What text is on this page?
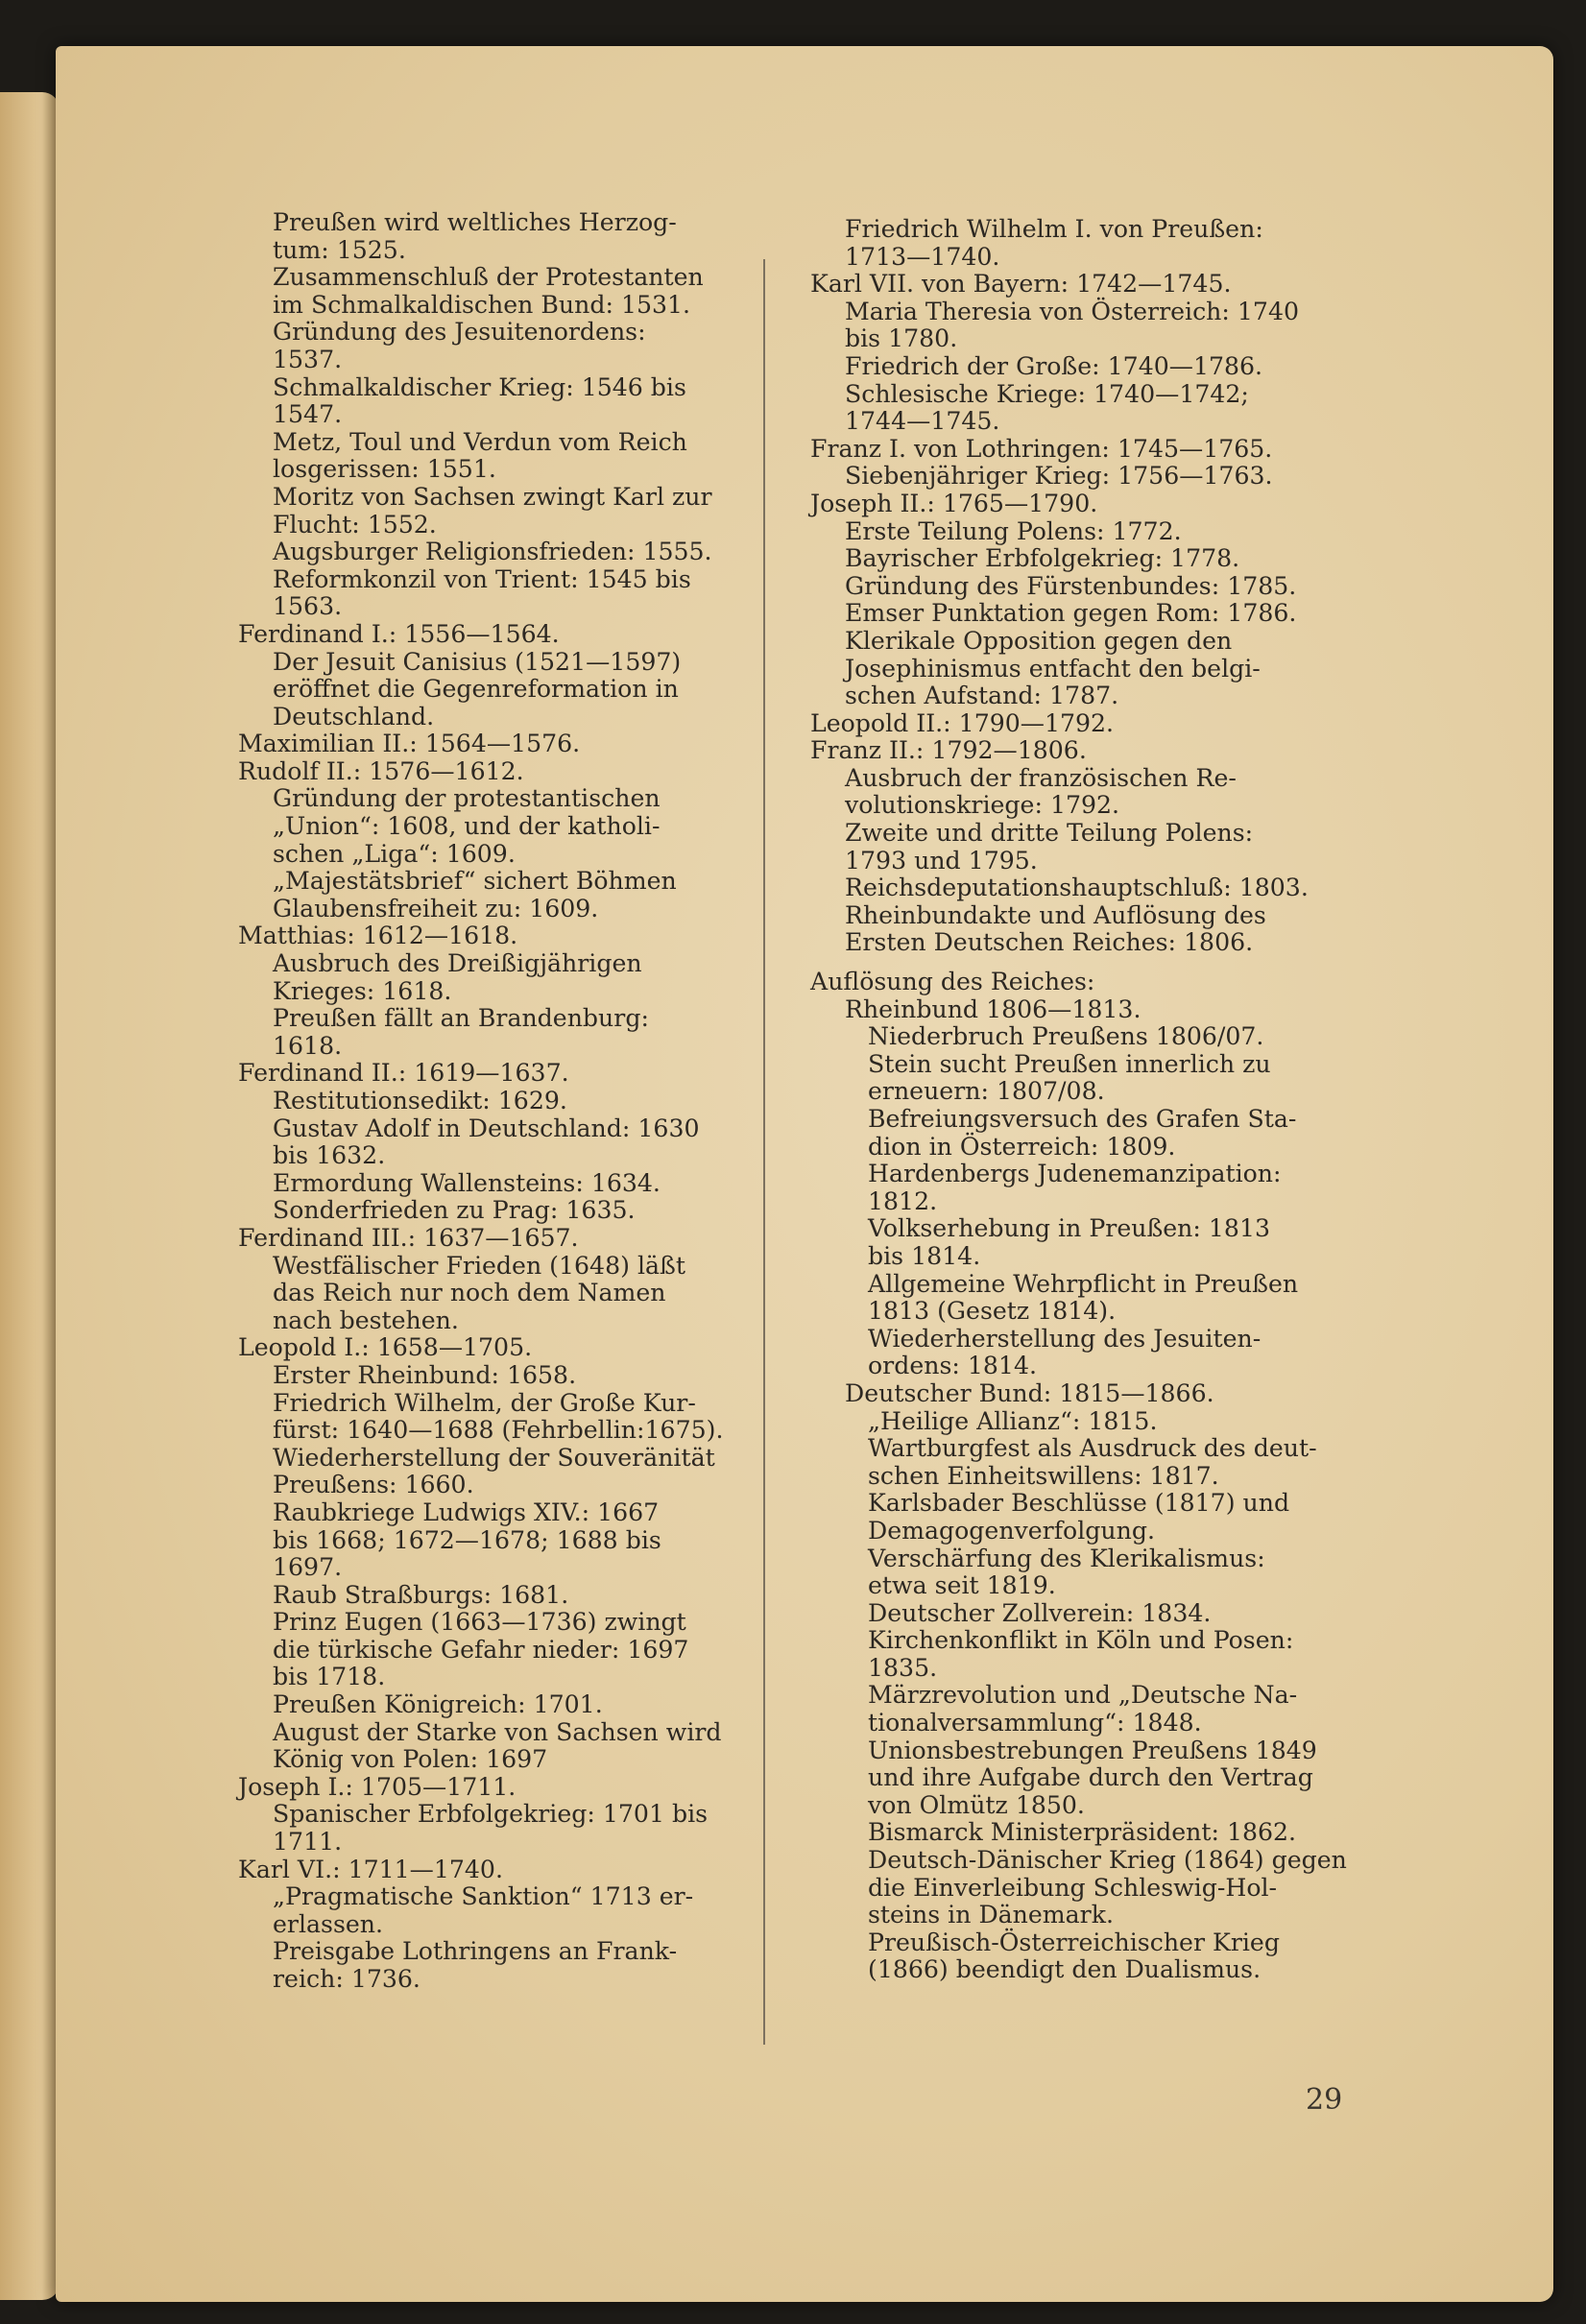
Preußen wird weltliches Herzog-
tum: 1525.
Zusammenschluß der Protestanten
im Schmalkaldischen Bund: 1531.
Gründung des Jesuitenordens:
1537.
Schmalkaldischer Krieg: 1546 bis
1547.
Metz, Toul und Verdun vom Reich
losgerissen: 1551.
Moritz von Sachsen zwingt Karl zur
Flucht: 1552.
Augsburger Religionsfrieden: 1555.
Reformkonzil von Trient: 1545 bis
1563.
Ferdinand I.: 1556—1564.
Der Jesuit Canisius (1521—1597)
eröffnet die Gegenreformation in
Deutschland.
Maximilian II.: 1564—1576.
Rudolf II.: 1576—1612.
Gründung der protestantischen
„Union“: 1608, und der katholi-
schen „Liga“: 1609.
„Majestätsbrief“ sichert Böhmen
Glaubensfreiheit zu: 1609.
Matthias: 1612—1618.
Ausbruch des Dreißigjährigen
Krieges: 1618.
Preußen fällt an Brandenburg:
1618.
Ferdinand II.: 1619—1637.
Restitutionsedikt: 1629.
Gustav Adolf in Deutschland: 1630
bis 1632.
Ermordung Wallensteins: 1634.
Sonderfrieden zu Prag: 1635.
Ferdinand III.: 1637—1657.
Westfälischer Frieden (1648) läßt
das Reich nur noch dem Namen
nach bestehen.
Leopold I.: 1658—1705.
Erster Rheinbund: 1658.
Friedrich Wilhelm, der Große Kur-
fürst: 1640—1688 (Fehrbellin:1675).
Wiederherstellung der Souveränität
Preußens: 1660.
Raubkriege Ludwigs XIV.: 1667
bis 1668; 1672—1678; 1688 bis
1697.
Raub Straßburgs: 1681.
Prinz Eugen (1663—1736) zwingt
die türkische Gefahr nieder: 1697
bis 1718.
Preußen Königreich: 1701.
August der Starke von Sachsen wird
König von Polen: 1697
Joseph I.: 1705—1711.
Spanischer Erbfolgekrieg: 1701 bis
1711.
Karl VI.: 1711—1740.
„Pragmatische Sanktion“ 1713 er-
erlassen.
Preisgabe Lothringens an Frank-
reich: 1736.
Friedrich Wilhelm I. von Preußen:
1713—1740.
Karl VII. von Bayern: 1742—1745.
Maria Theresia von Österreich: 1740
bis 1780.
Friedrich der Große: 1740—1786.
Schlesische Kriege: 1740—1742;
1744—1745.
Franz I. von Lothringen: 1745—1765.
Siebenjähriger Krieg: 1756—1763.
Joseph II.: 1765—1790.
Erste Teilung Polens: 1772.
Bayrischer Erbfolgekrieg: 1778.
Gründung des Fürstenbundes: 1785.
Emser Punktation gegen Rom: 1786.
Klerikale Opposition gegen den
Josephinismus entfacht den belgi-
schen Aufstand: 1787.
Leopold II.: 1790—1792.
Franz II.: 1792—1806.
Ausbruch der französischen Re-
volutionskriege: 1792.
Zweite und dritte Teilung Polens:
1793 und 1795.
Reichsdeputationshauptschluß: 1803.
Rheinbundakte und Auflösung des
Ersten Deutschen Reiches: 1806.
Auflösung des Reiches:
Rheinbund 1806—1813.
Niederbruch Preußens 1806/07.
Stein sucht Preußen innerlich zu
erneuern: 1807/08.
Befreiungsversuch des Grafen Sta-
dion in Österreich: 1809.
Hardenbergs Judenemanzipation:
1812.
Volkserhebung in Preußen: 1813
bis 1814.
Allgemeine Wehrpflicht in Preußen
1813 (Gesetz 1814).
Wiederherstellung des Jesuiten-
ordens: 1814.
Deutscher Bund: 1815—1866.
„Heilige Allianz“: 1815.
Wartburgfest als Ausdruck des deut-
schen Einheitswillens: 1817.
Karlsbader Beschlüsse (1817) und
Demagogenverfolgung.
Verschärfung des Klerikalismus:
etwa seit 1819.
Deutscher Zollverein: 1834.
Kirchenkonflikt in Köln und Posen:
1835.
Märzrevolution und „Deutsche Na-
tionalversammlung“: 1848.
Unionsbestrebungen Preußens 1849
und ihre Aufgabe durch den Vertrag
von Olmütz 1850.
Bismarck Ministerpräsident: 1862.
Deutsch-Dänischer Krieg (1864) gegen
die Einverleibung Schleswig-Hol-
steins in Dänemark.
Preußisch-Österreichischer Krieg
(1866) beendigt den Dualismus.
29
